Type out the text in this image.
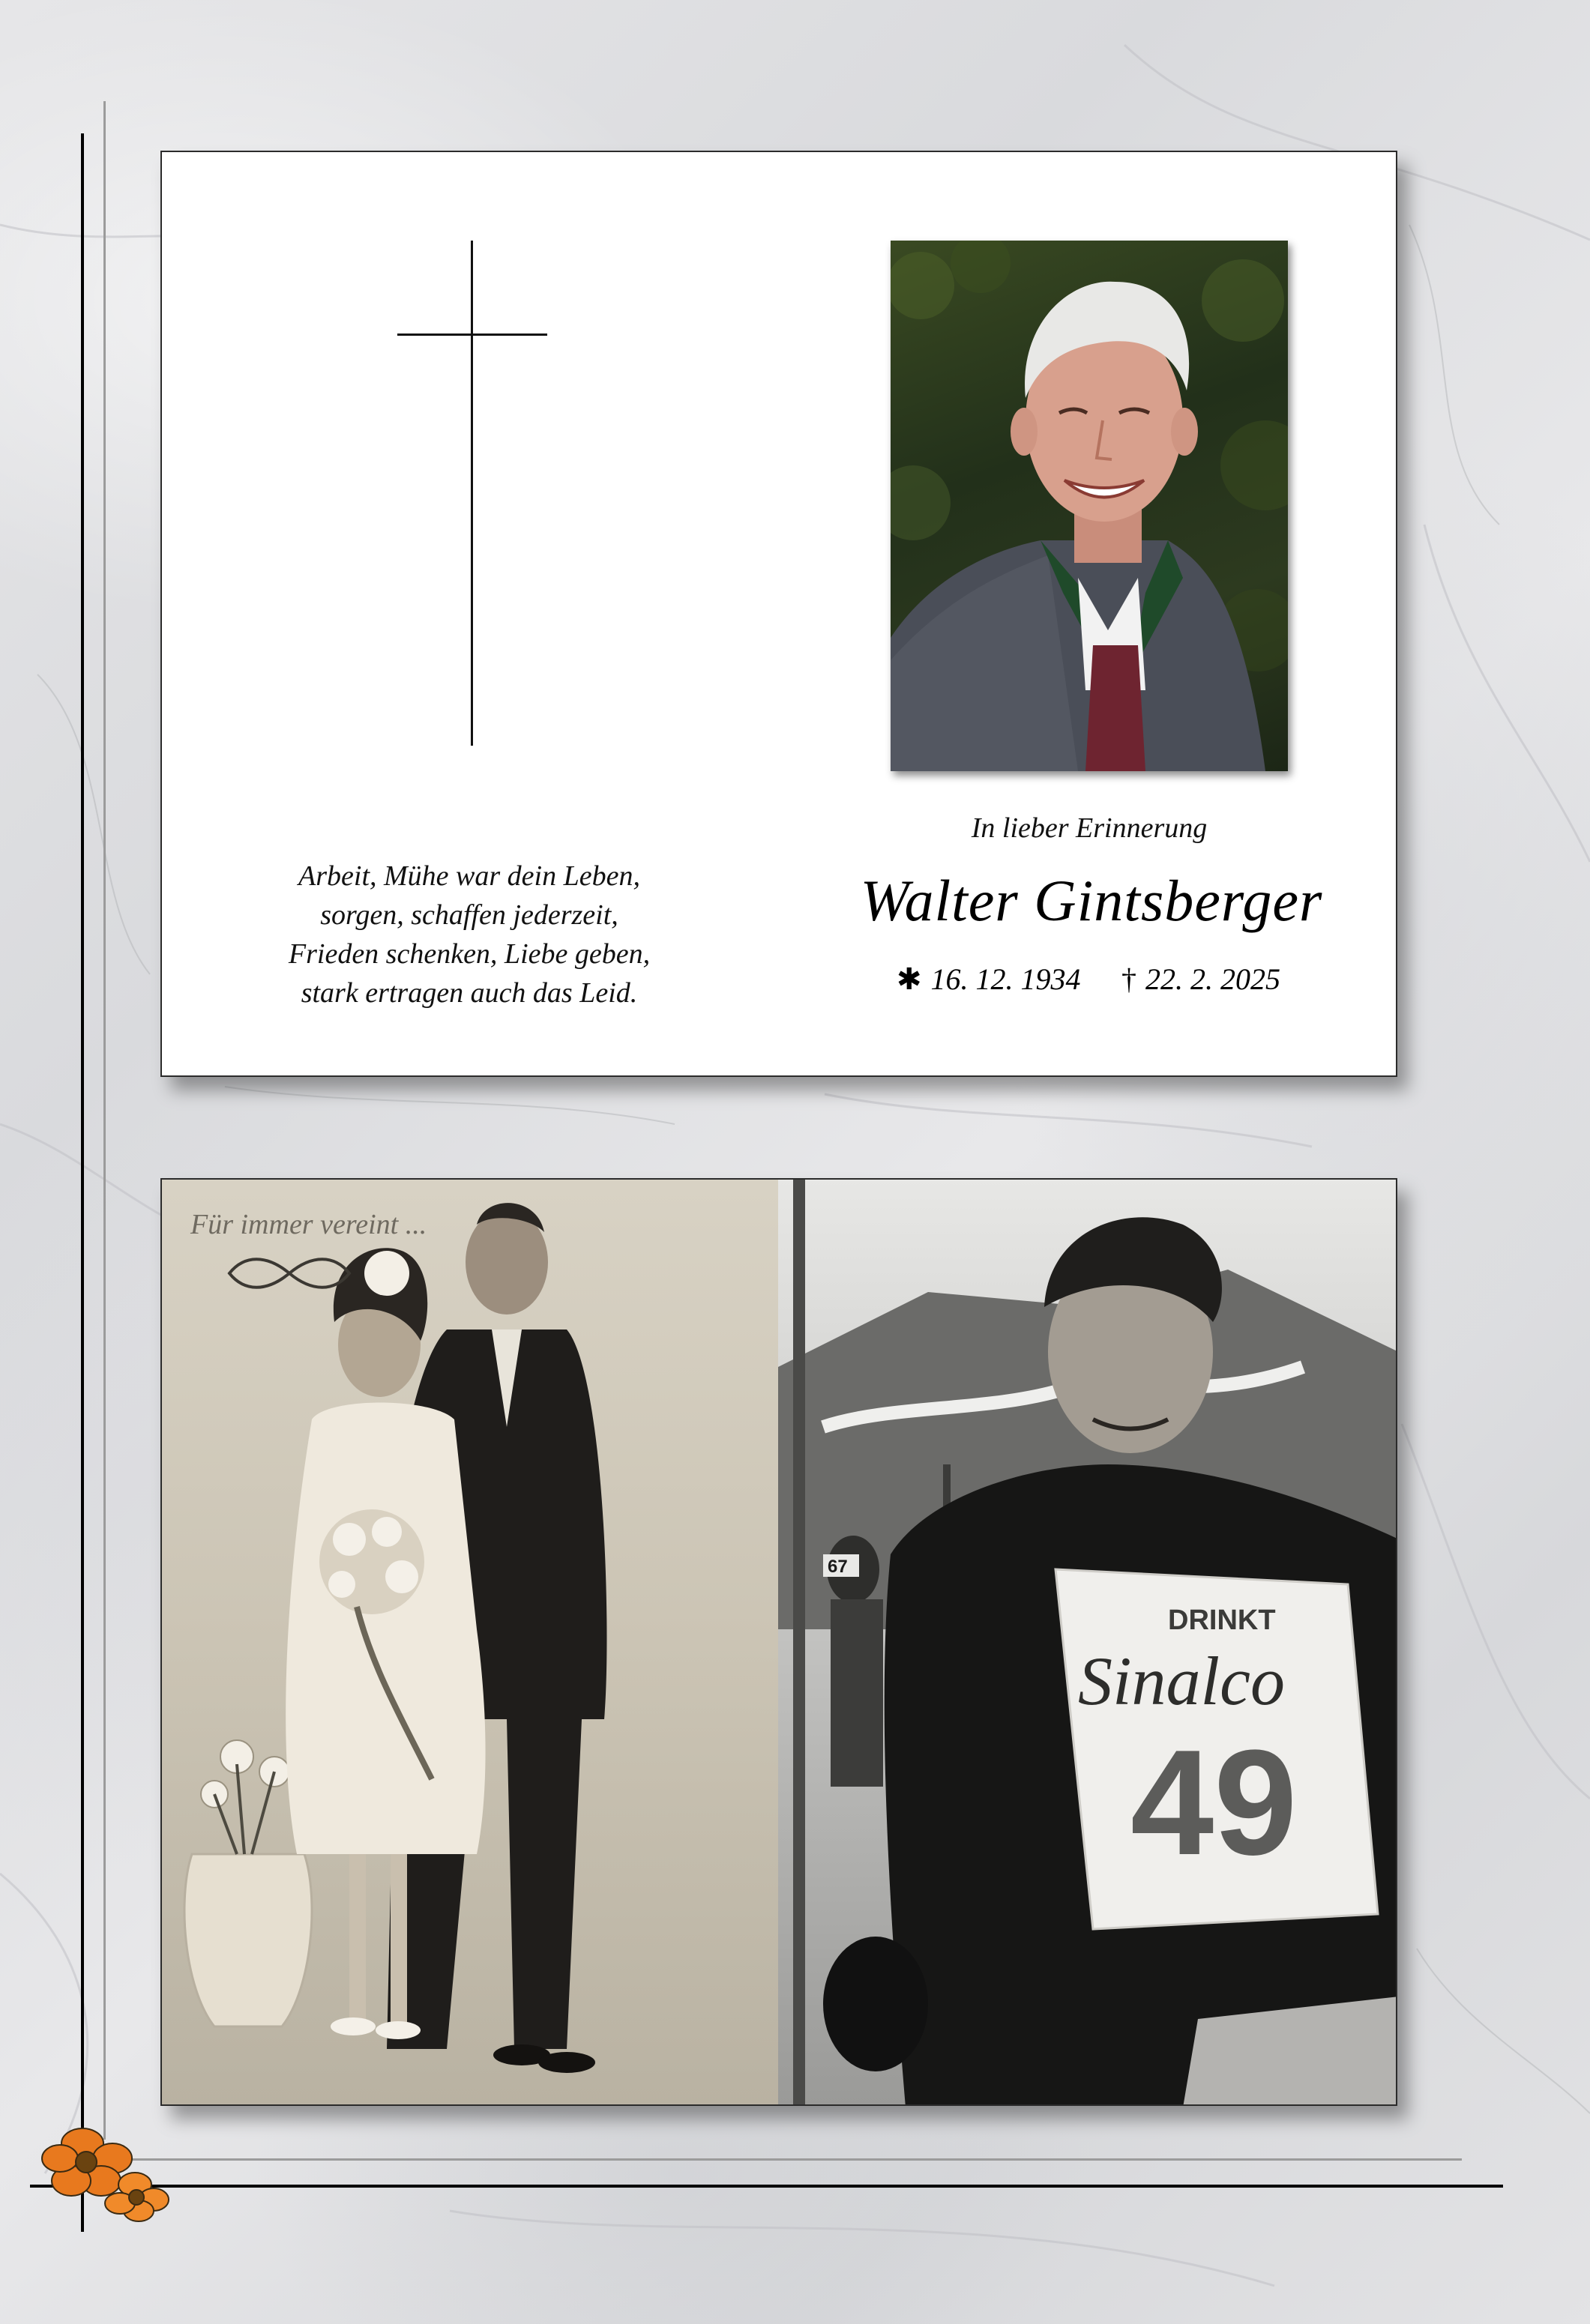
In lieber Erinnerung
Walter Gintsberger
✱ 16. 12. 1934 † 22. 2. 2025
Arbeit, Mühe war dein Leben,
sorgen, schaffen jederzeit,
Frieden schenken, Liebe geben,
stark ertragen auch das Leid.
Für immer vereint ...
67
DRINKT
Sinalco
49
